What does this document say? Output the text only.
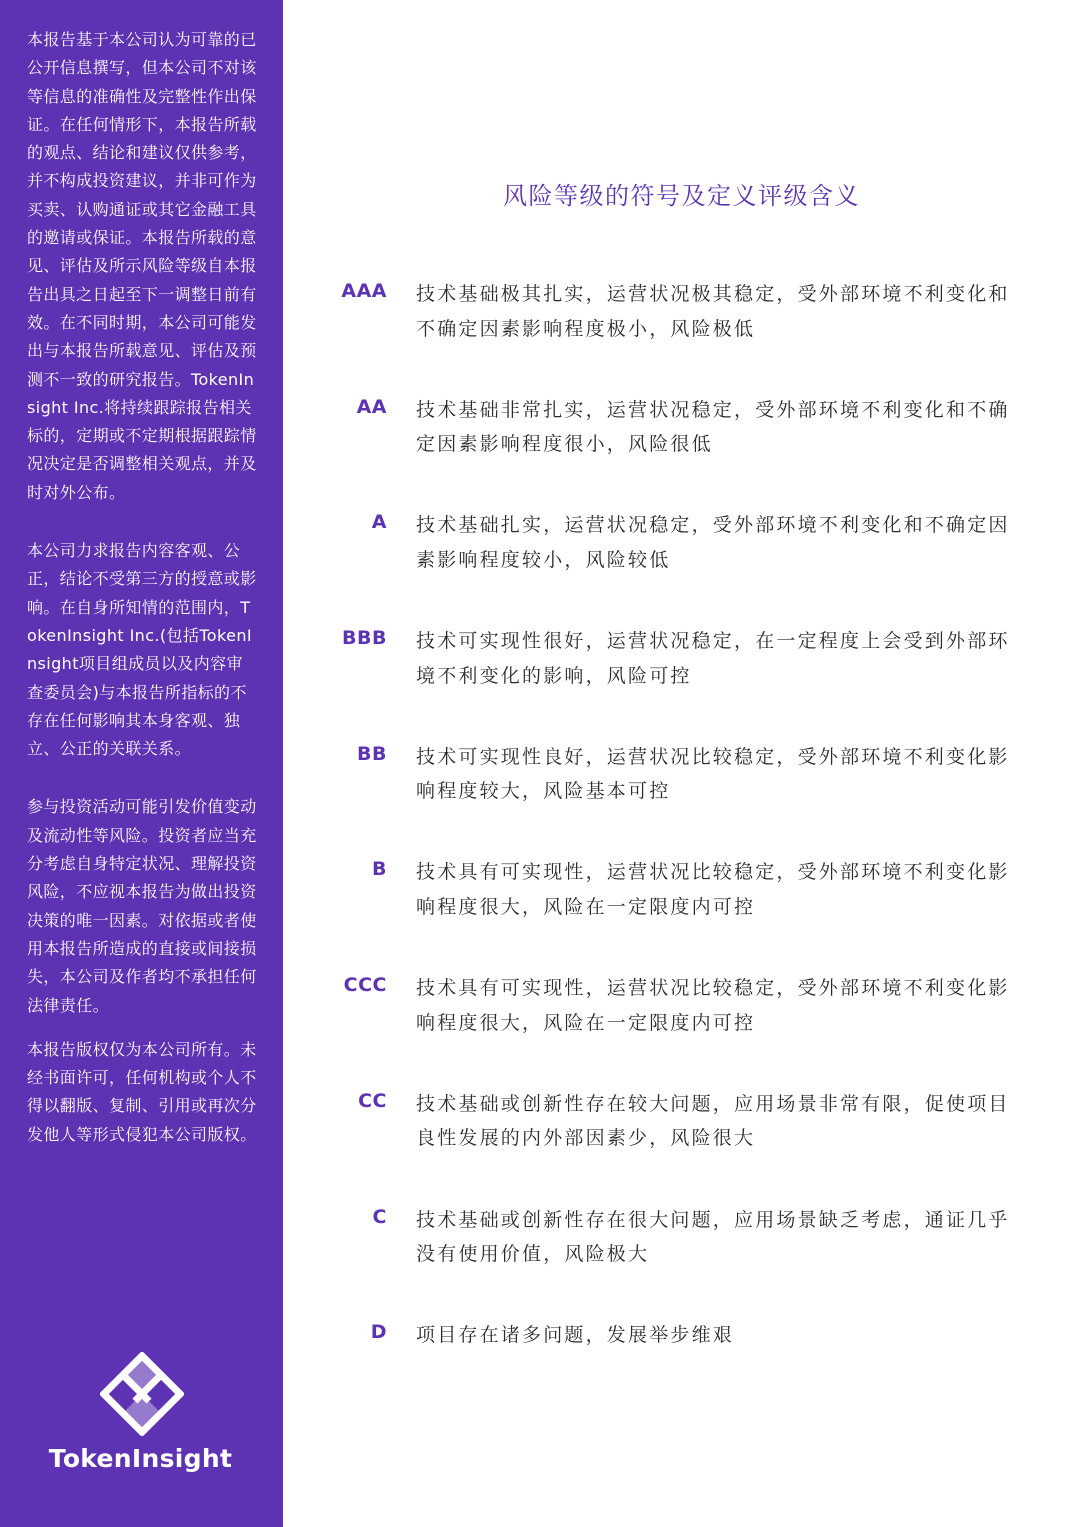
本报告基于本公司认为可靠的已公开信息撰写，但本公司不对该等信息的准确性及完整性作出保证。在任何情形下，本报告所载的观点、结论和建议仅供参考，并不构成投资建议，并非可作为买卖、认购通证或其它金融工具的邀请或保证。本报告所载的意见、评估及所示风险等级自本报告出具之日起至下一调整日前有效。在不同时期，本公司可能发出与本报告所载意见、评估及预测不一致的研究报告。TokenInsight Inc.将持续跟踪报告相关标的，定期或不定期根据跟踪情况决定是否调整相关观点，并及时对外公布。

本公司力求报告内容客观、公正，结论不受第三方的授意或影响。在自身所知情的范围内，TokenInsight Inc.(包括TokenInsight项目组成员以及内容审查委员会)与本报告所指标的不存在任何影响其本身客观、独立、公正的关联关系。

参与投资活动可能引发价值变动及流动性等风险。投资者应当充分考虑自身特定状况、理解投资风险，不应视本报告为做出投资决策的唯一因素。对依据或者使用本报告所造成的直接或间接损失，本公司及作者均不承担任何法律责任。

本报告版权仅为本公司所有。未经书面许可，任何机构或个人不得以翻版、复制、引用或再次分发他人等形式侵犯本公司版权。

TokenInsight
风险等级的符号及定义评级含义
AAA 技术基础极其扎实，运营状况极其稳定，受外部环境不利变化和不确定因素影响程度极小，风险极低
AA 技术基础非常扎实，运营状况稳定，受外部环境不利变化和不确定因素影响程度很小，风险很低
A 技术基础扎实，运营状况稳定，受外部环境不利变化和不确定因素影响程度较小，风险较低
BBB 技术可实现性很好，运营状况稳定，在一定程度上会受到外部环境不利变化的影响，风险可控
BB 技术可实现性良好，运营状况比较稳定，受外部环境不利变化影响程度较大，风险基本可控
B 技术具有可实现性，运营状况比较稳定，受外部环境不利变化影响程度很大，风险在一定限度内可控
CCC 技术具有可实现性，运营状况比较稳定，受外部环境不利变化影响程度很大，风险在一定限度内可控
CC 技术基础或创新性存在较大问题，应用场景非常有限，促使项目良性发展的内外部因素少，风险很大
C 技术基础或创新性存在很大问题，应用场景缺乏考虑，通证几乎没有使用价值，风险极大
D 项目存在诸多问题，发展举步维艰
